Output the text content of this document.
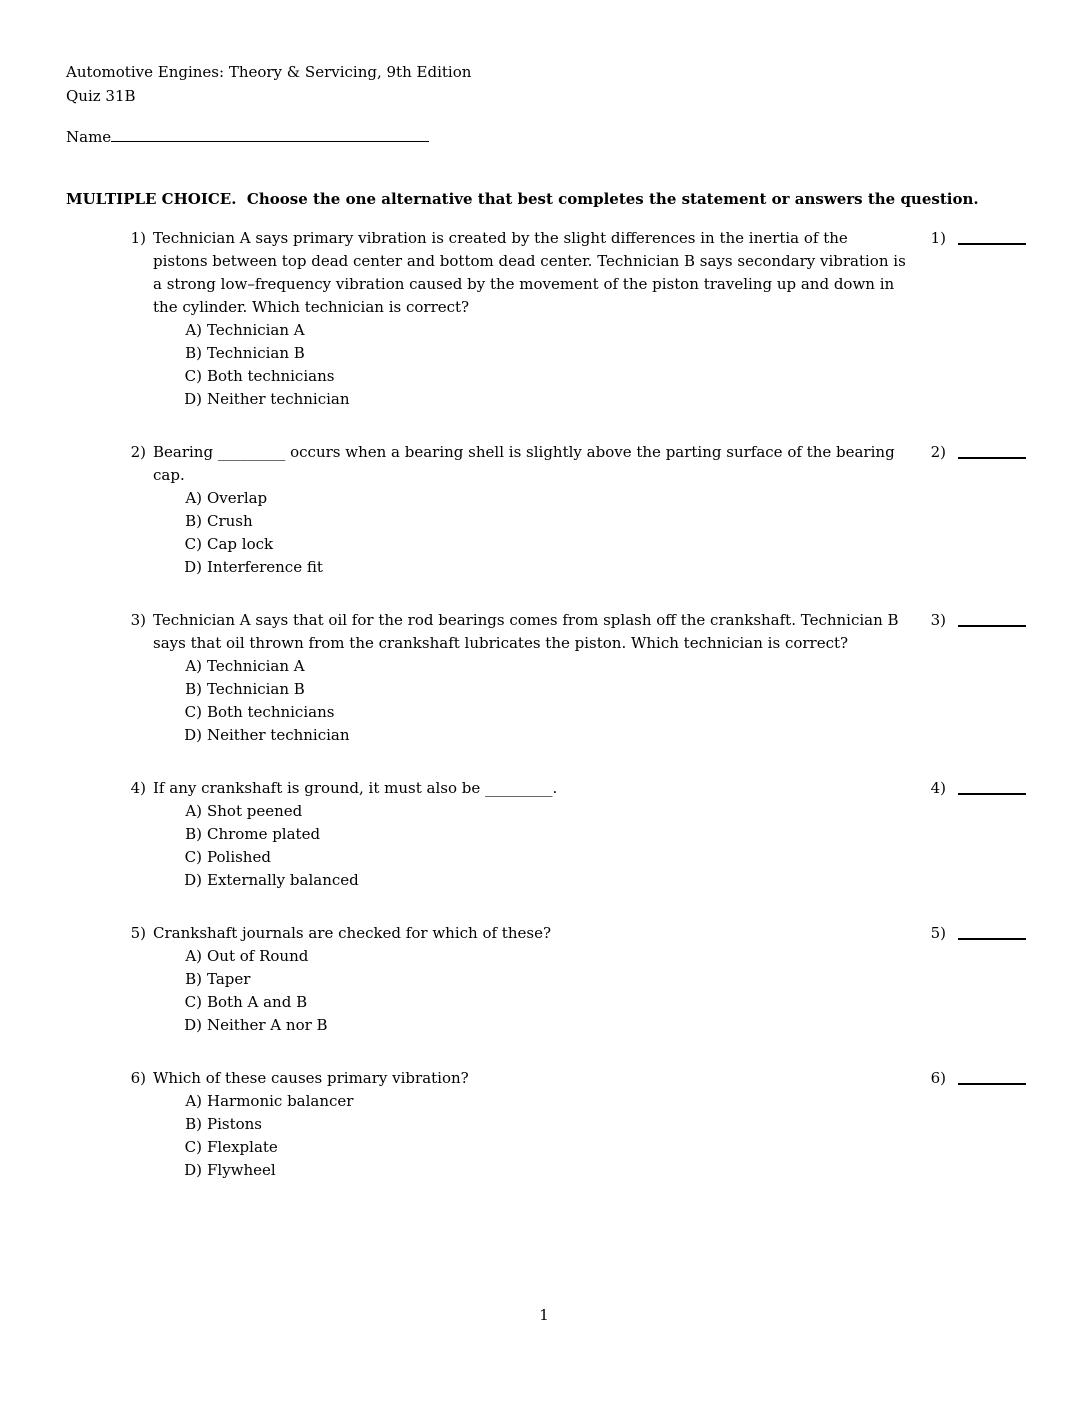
Automotive Engines: Theory & Servicing, 9th Edition
Quiz 31B
Name
MULTIPLE CHOICE.  Choose the one alternative that best completes the statement or answers the question.
1) Technician A says primary vibration is created by the slight differences in the inertia of the pistons between top dead center and bottom dead center. Technician B says secondary vibration is a strong low–frequency vibration caused by the movement of the piston traveling up and down in the cylinder. Which technician is correct?
A) Technician A
B) Technician B
C) Both technicians
D) Neither technician
1)
2) Bearing _________ occurs when a bearing shell is slightly above the parting surface of the bearing cap.
A) Overlap
B) Crush
C) Cap lock
D) Interference fit
2)
3) Technician A says that oil for the rod bearings comes from splash off the crankshaft. Technician B says that oil thrown from the crankshaft lubricates the piston. Which technician is correct?
A) Technician A
B) Technician B
C) Both technicians
D) Neither technician
3)
4) If any crankshaft is ground, it must also be _________.
A) Shot peened
B) Chrome plated
C) Polished
D) Externally balanced
4)
5) Crankshaft journals are checked for which of these?
A) Out of Round
B) Taper
C) Both A and B
D) Neither A nor B
5)
6) Which of these causes primary vibration?
A) Harmonic balancer
B) Pistons
C) Flexplate
D) Flywheel
6)
1
